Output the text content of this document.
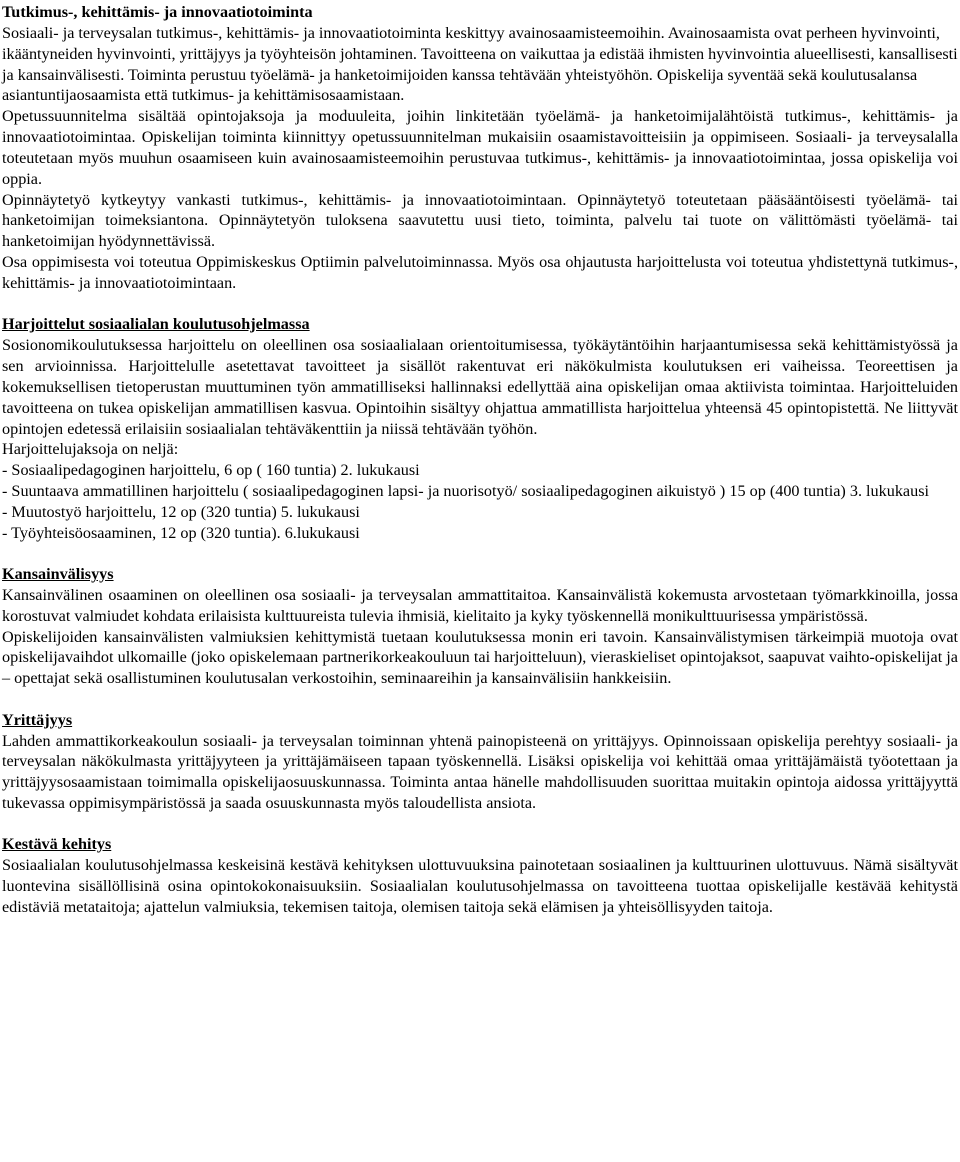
Tutkimus-, kehittämis- ja innovaatiotoiminta

Sosiaali- ja terveysalan tutkimus-, kehittämis- ja innovaatiotoiminta keskittyy avainosaamisteemoihin. Avainosaamista ovat perheen hyvinvointi, ikääntyneiden hyvinvointi, yrittäjyys ja työyhteisön johtaminen. Tavoitteena on vaikuttaa ja edistää ihmisten hyvinvointia alueellisesti, kansallisesti ja kansainvälisesti. Toiminta perustuu työelämä- ja hanketoimijoiden kanssa tehtävään yhteistyöhön. Opiskelija syventää sekä koulutusalansa asiantuntijaosaamista että tutkimus- ja kehittämisosaamistaan.

Opetussuunnitelma sisältää opintojaksoja ja moduuleita, joihin linkitetään työelämä- ja hanketoimijalähtöistä tutkimus-, kehittämis- ja innovaatiotoimintaa. Opiskelijan toiminta kiinnittyy opetussuunnitelman mukaisiin osaamistavoitteisiin ja oppimiseen. Sosiaali- ja terveysalalla toteutetaan myös muuhun osaamiseen kuin avainosaamisteemoihin perustuvaa tutkimus-, kehittämis- ja innovaatiotoimintaa, jossa opiskelija voi oppia.

Opinnäytetyö kytkeytyy vankasti tutkimus-, kehittämis- ja innovaatiotoimintaan. Opinnäytetyö toteutetaan pääsääntöisesti työelämä- tai hanketoimijan toimeksiantona. Opinnäytetyön tuloksena saavutettu uusi tieto, toiminta, palvelu tai tuote on välittömästi työelämä- tai hanketoimijan hyödynnettävissä.

Osa oppimisesta voi toteutua Oppimiskeskus Optiimin palvelutoiminnassa. Myös osa ohjautusta harjoittelusta voi toteutua yhdistettynä tutkimus-, kehittämis- ja innovaatiotoimintaan.

Harjoittelut sosiaalialan koulutusohjelmassa

Sosionomikoulutuksessa harjoittelu on oleellinen osa sosiaalialaan orientoitumisessa, työkäytäntöihin harjaantumisessa sekä kehittämistyössä ja sen arvioinnissa. Harjoittelulle asetettavat tavoitteet ja sisällöt rakentuvat eri näkökulmista koulutuksen eri vaiheissa. Teoreettisen ja kokemuksellisen tietoperustan muuttuminen työn ammatilliseksi hallinnaksi edellyttää aina opiskelijan omaa aktiivista toimintaa. Harjoitteluiden tavoitteena on tukea opiskelijan ammatillisen kasvua. Opintoihin sisältyy ohjattua ammatillista harjoittelua yhteensä 45 opintopistettä. Ne liittyvät opintojen edetessä erilaisiin sosiaalialan tehtäväkenttiin ja niissä tehtävään työhön.

Harjoittelujaksoja on neljä:

- Sosiaalipedagoginen harjoittelu, 6 op ( 160 tuntia) 2. lukukausi
- Suuntaava ammatillinen harjoittelu ( sosiaalipedagoginen lapsi- ja nuorisotyö/ sosiaalipedagoginen aikuistyö ) 15 op (400 tuntia) 3. lukukausi
- Muutostyö harjoittelu, 12 op (320 tuntia) 5. lukukausi
- Työyhteisöosaaminen, 12 op (320 tuntia). 6.lukukausi
Kansainvälisyys

Kansainvälinen osaaminen on oleellinen osa sosiaali- ja terveysalan ammattitaitoa. Kansainvälistä kokemusta arvostetaan työmarkkinoilla, jossa korostuvat valmiudet kohdata erilaisista kulttuureista tulevia ihmisiä, kielitaito ja kyky työskennellä monikulttuurisessa ympäristössä.

Opiskelijoiden kansainvälisten valmiuksien kehittymistä tuetaan koulutuksessa monin eri tavoin. Kansainvälistymisen tärkeimpiä muotoja ovat opiskelijavaihdot ulkomaille (joko opiskelemaan partnerikorkeakouluun tai harjoitteluun), vieraskieliset opintojaksot, saapuvat vaihto-opiskelijat ja – opettajat sekä osallistuminen koulutusalan verkostoihin, seminaareihin ja kansainvälisiin hankkeisiin.

Yrittäjyys

Lahden ammattikorkeakoulun sosiaali- ja terveysalan toiminnan yhtenä painopisteenä on yrittäjyys. Opinnoissaan opiskelija perehtyy sosiaali- ja terveysalan näkökulmasta yrittäjyyteen ja yrittäjämäiseen tapaan työskennellä. Lisäksi opiskelija voi kehittää omaa yrittäjämäistä työotettaan ja yrittäjyysosaamistaan toimimalla opiskelijaosuuskunnassa. Toiminta antaa hänelle mahdollisuuden suorittaa muitakin opintoja aidossa yrittäjyyttä tukevassa oppimisympäristössä ja saada osuuskunnasta myös taloudellista ansiota.

Kestävä kehitys

Sosiaalialan koulutusohjelmassa keskeisinä kestävä kehityksen ulottuvuuksina painotetaan sosiaalinen ja kulttuurinen ulottuvuus. Nämä sisältyvät luontevina sisällöllisinä osina opintokokonaisuuksiin. Sosiaalialan koulutusohjelmassa on tavoitteena tuottaa opiskelijalle kestävää kehitystä edistäviä metataitoja; ajattelun valmiuksia, tekemisen taitoja, olemisen taitoja sekä elämisen ja yhteisöllisyyden taitoja.
